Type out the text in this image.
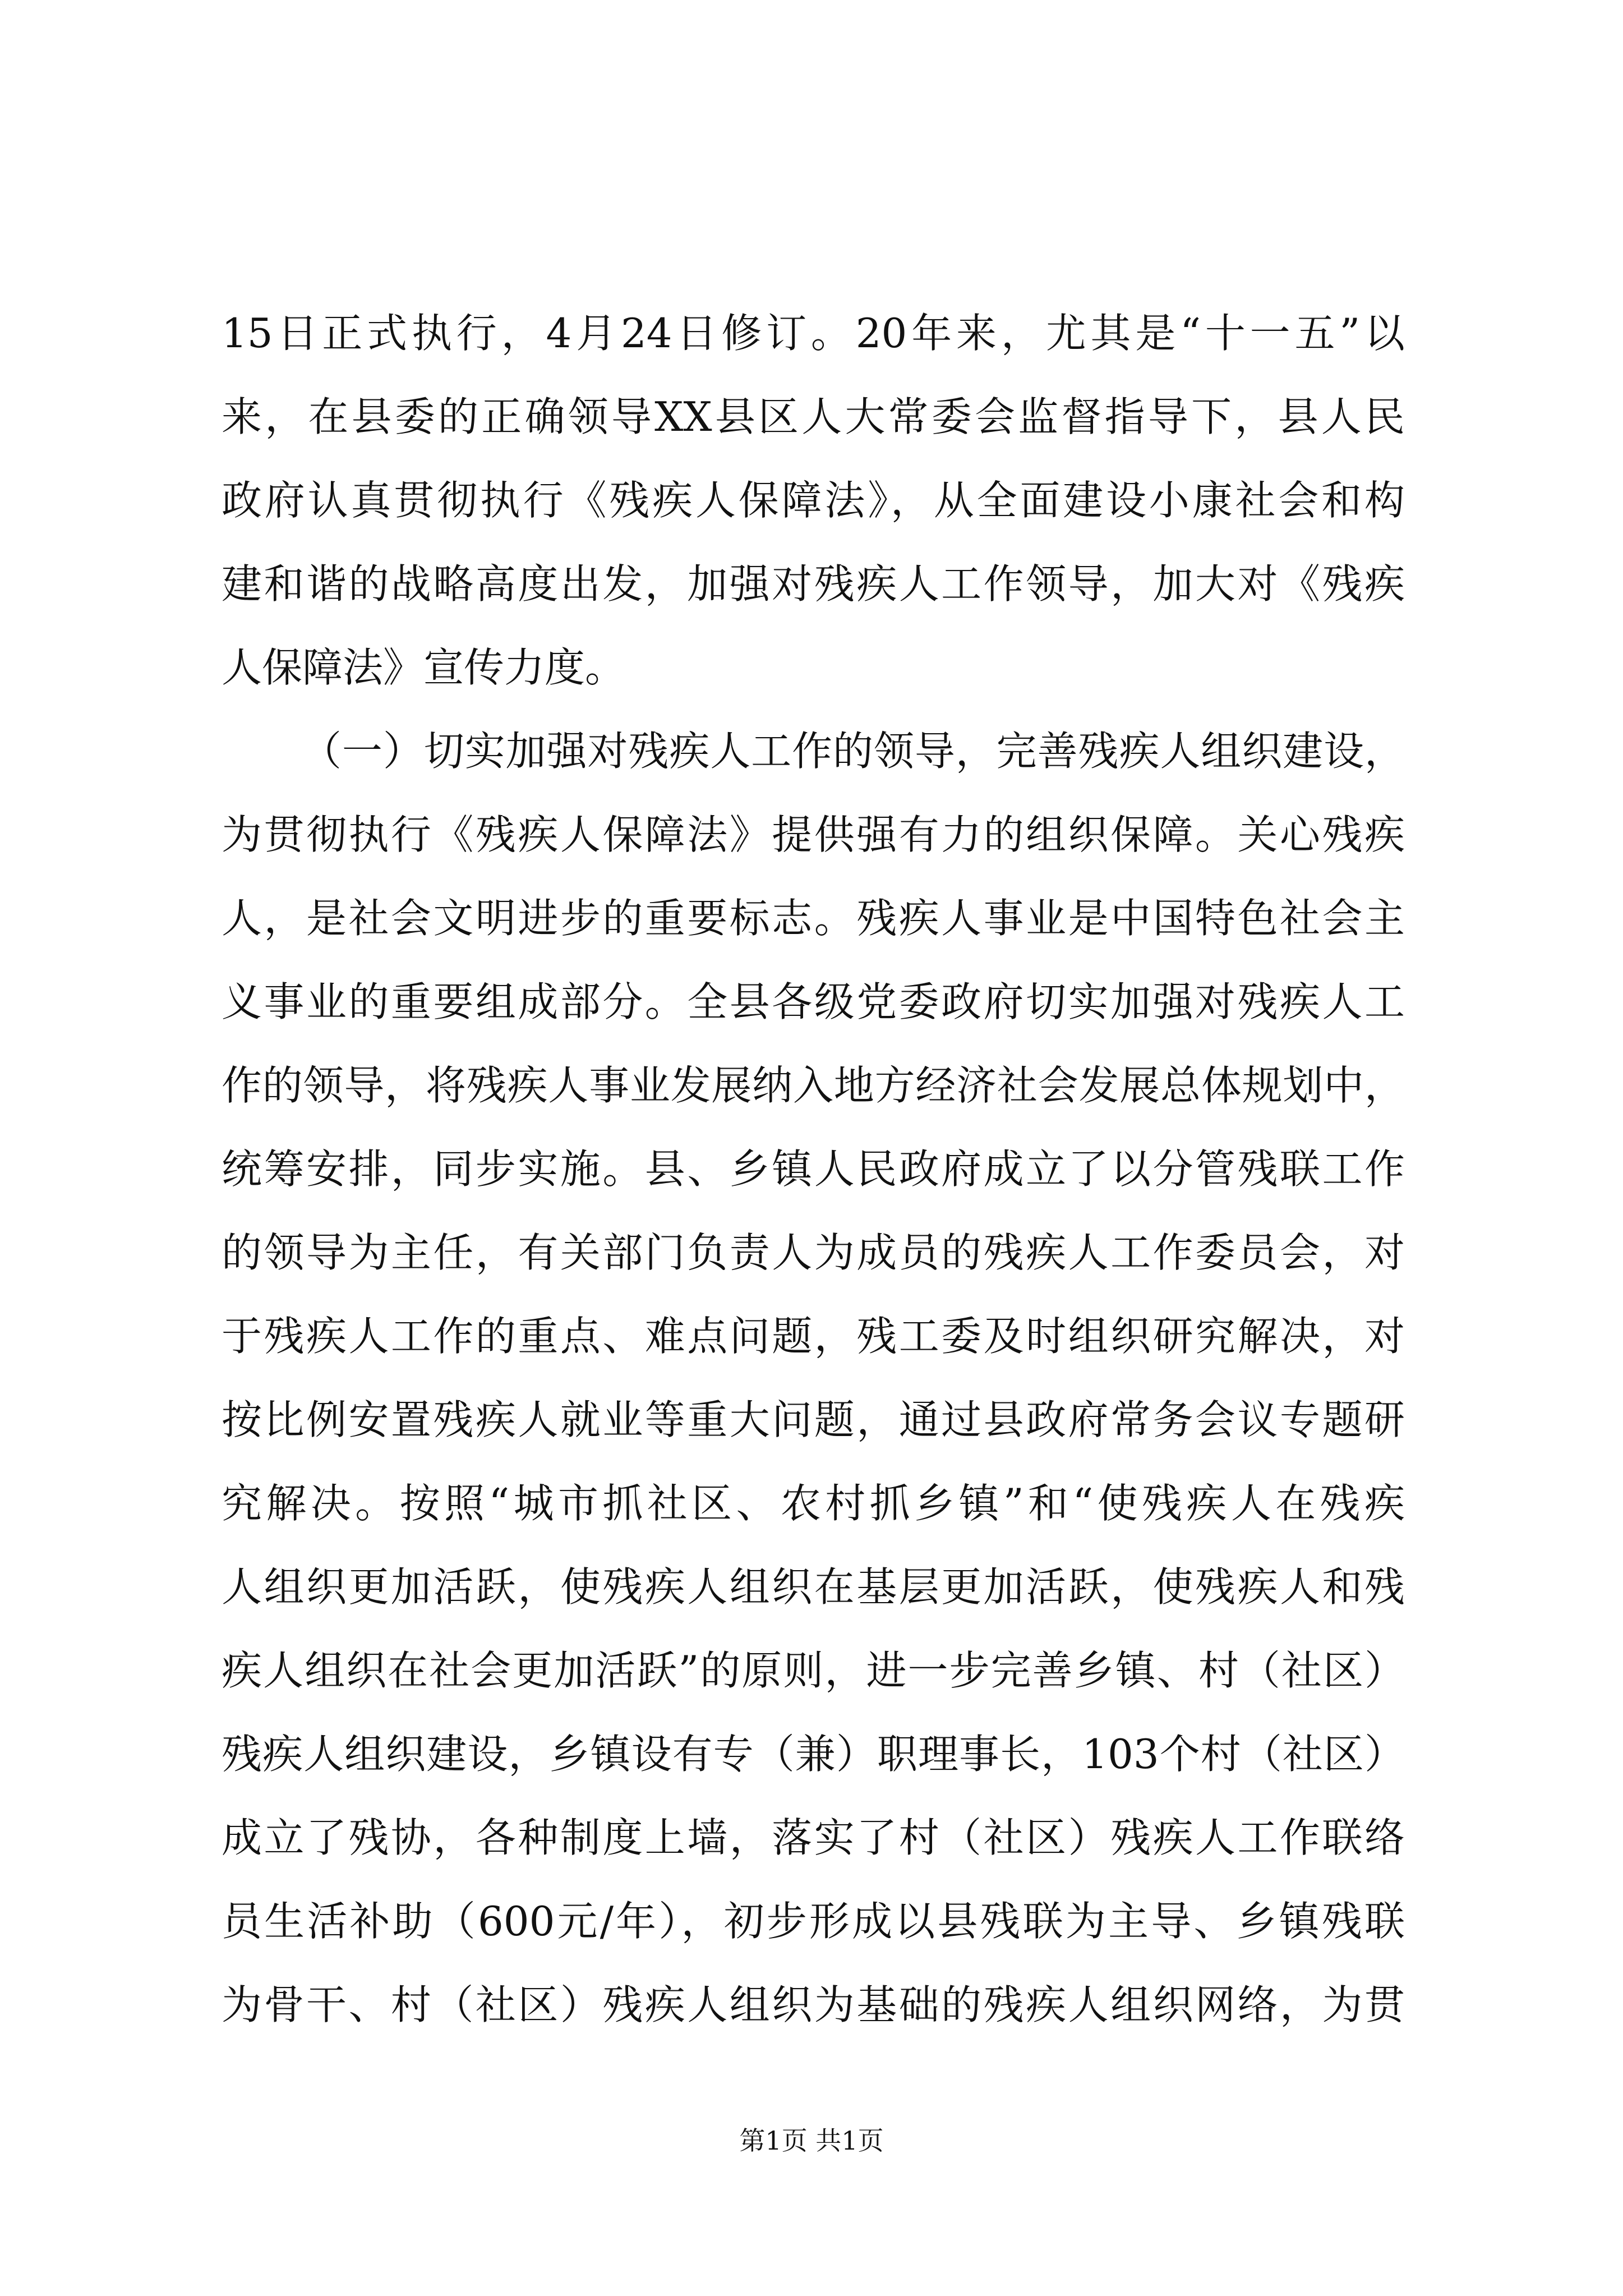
15日正式执行，4月24日修订。20年来，尤其是“十一五”以
来，在县委的正确领导XX县区人大常委会监督指导下，县人民
政府认真贯彻执行《残疾人保障法》，从全面建设小康社会和构
建和谐的战略高度出发，加强对残疾人工作领导，加大对《残疾
人保障法》宣传力度。
（一）切实加强对残疾人工作的领导，完善残疾人组织建设，
为贯彻执行《残疾人保障法》提供强有力的组织保障。关心残疾
人，是社会文明进步的重要标志。残疾人事业是中国特色社会主
义事业的重要组成部分。全县各级党委政府切实加强对残疾人工
作的领导，将残疾人事业发展纳入地方经济社会发展总体规划中，
统筹安排，同步实施。县、乡镇人民政府成立了以分管残联工作
的领导为主任，有关部门负责人为成员的残疾人工作委员会，对
于残疾人工作的重点、难点问题，残工委及时组织研究解决，对
按比例安置残疾人就业等重大问题，通过县政府常务会议专题研
究解决。按照“城市抓社区、农村抓乡镇”和“使残疾人在残疾
人组织更加活跃，使残疾人组织在基层更加活跃，使残疾人和残
疾人组织在社会更加活跃”的原则，进一步完善乡镇、村（社区）
残疾人组织建设，乡镇设有专（兼）职理事长，103个村（社区）
成立了残协，各种制度上墙，落实了村（社区）残疾人工作联络
员生活补助（600元/年），初步形成以县残联为主导、乡镇残联
为骨干、村（社区）残疾人组织为基础的残疾人组织网络，为贯
第1页 共1页
